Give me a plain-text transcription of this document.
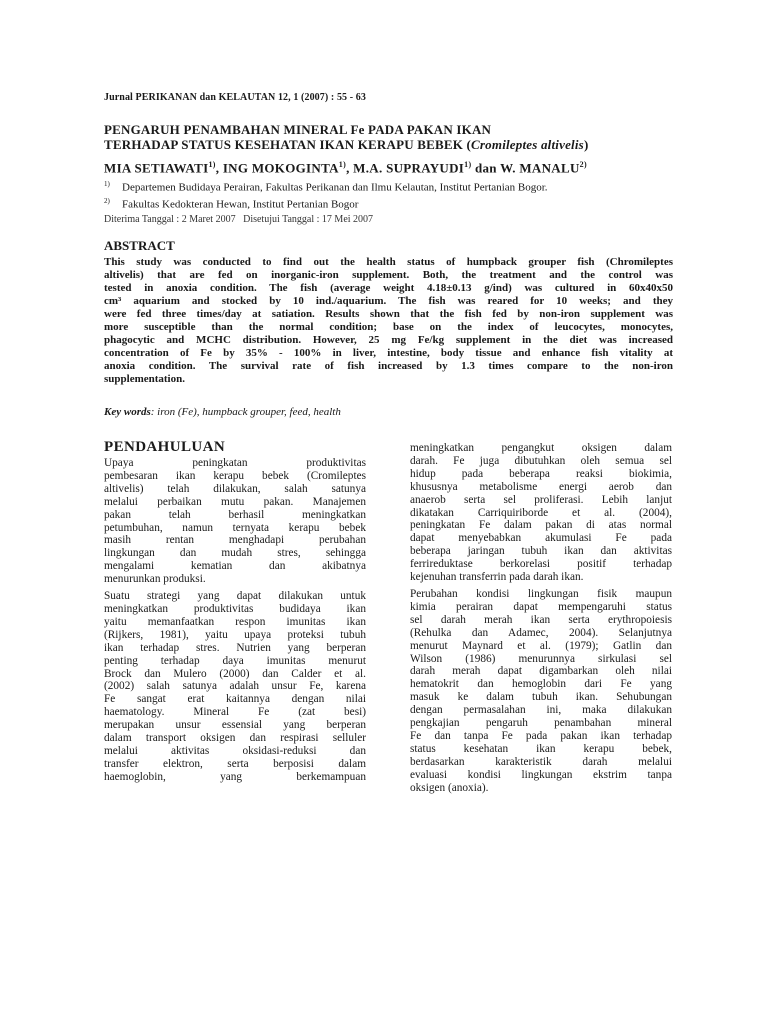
Jurnal PERIKANAN dan KELAUTAN 12, 1 (2007) : 55 - 63
PENGARUH PENAMBAHAN MINERAL Fe PADA PAKAN IKAN
TERHADAP STATUS KESEHATAN IKAN KERAPU BEBEK (Cromileptes altivelis)
MIA SETIAWATI$^{1)}$, ING MOKOGINTA$^{1)}$, M.A. SUPRAYUDI$^{1)}$ dan W. MANALU$^{2)}$
$^{1)}$ Departemen Budidaya Perairan, Fakultas Perikanan dan Ilmu Kelautan, Institut Pertanian Bogor.
$^{2)}$ Fakultas Kedokteran Hewan, Institut Pertanian Bogor
Diterima Tanggal : 2 Maret 2007 Disetujui Tanggal : 17 Mei 2007
ABSTRACT
This study was conducted to find out the health status of humpback grouper fish (Chromileptes
altivelis) that are fed on inorganic-iron supplement. Both, the treatment and the control was
tested in anoxia condition. The fish (average weight 4.18±0.13 g/ind) was cultured in 60x40x50
cm³ aquarium and stocked by 10 ind./aquarium. The fish was reared for 10 weeks; and they
were fed three times/day at satiation. Results shown that the fish fed by non-iron supplement was
more susceptible than the normal condition; base on the index of leucocytes, monocytes,
phagocytic and MCHC distribution. However, 25 mg Fe/kg supplement in the diet was increased
concentration of Fe by 35% - 100% in liver, intestine, body tissue and enhance fish vitality at
anoxia condition. The survival rate of fish increased by 1.3 times compare to the non-iron
supplementation.
Key words: iron (Fe), humpback grouper, feed, health
PENDAHULUAN

Upaya peningkatan produktivitas
pembesaran ikan kerapu bebek (Cromileptes
altivelis) telah dilakukan, salah satunya
melalui perbaikan mutu pakan. Manajemen
pakan telah berhasil meningkatkan
petumbuhan, namun ternyata kerapu bebek
masih rentan menghadapi perubahan
lingkungan dan mudah stres, sehingga
mengalami kematian dan akibatnya
menurunkan produksi.

Suatu strategi yang dapat dilakukan untuk
meningkatkan produktivitas budidaya ikan
yaitu memanfaatkan respon imunitas ikan
(Rijkers, 1981), yaitu upaya proteksi tubuh
ikan terhadap stres. Nutrien yang berperan
penting terhadap daya imunitas menurut
Brock dan Mulero (2000) dan Calder et al.
(2002) salah satunya adalah unsur Fe, karena
Fe sangat erat kaitannya dengan nilai
haematology. Mineral Fe (zat besi)
merupakan unsur essensial yang berperan
dalam transport oksigen dan respirasi selluler
melalui aktivitas oksidasi-reduksi dan
transfer elektron, serta berposisi dalam
haemoglobin, yang berkemampuan

meningkatkan pengangkut oksigen dalam
darah. Fe juga dibutuhkan oleh semua sel
hidup pada beberapa reaksi biokimia,
khususnya metabolisme energi aerob dan
anaerob serta sel proliferasi. Lebih lanjut
dikatakan Carriquiriborde et al. (2004),
peningkatan Fe dalam pakan di atas normal
dapat menyebabkan akumulasi Fe pada
beberapa jaringan tubuh ikan dan aktivitas
ferrireduktase berkorelasi positif terhadap
kejenuhan transferrin pada darah ikan.

Perubahan kondisi lingkungan fisik maupun
kimia perairan dapat mempengaruhi status
sel darah merah ikan serta erythropoiesis
(Rehulka dan Adamec, 2004). Selanjutnya
menurut Maynard et al. (1979); Gatlin dan
Wilson (1986) menurunnya sirkulasi sel
darah merah dapat digambarkan oleh nilai
hematokrit dan hemoglobin dari Fe yang
masuk ke dalam tubuh ikan. Sehubungan
dengan permasalahan ini, maka dilakukan
pengkajian pengaruh penambahan mineral
Fe dan tanpa Fe pada pakan ikan terhadap
status kesehatan ikan kerapu bebek,
berdasarkan karakteristik darah melalui
evaluasi kondisi lingkungan ekstrim tanpa
oksigen (anoxia).
